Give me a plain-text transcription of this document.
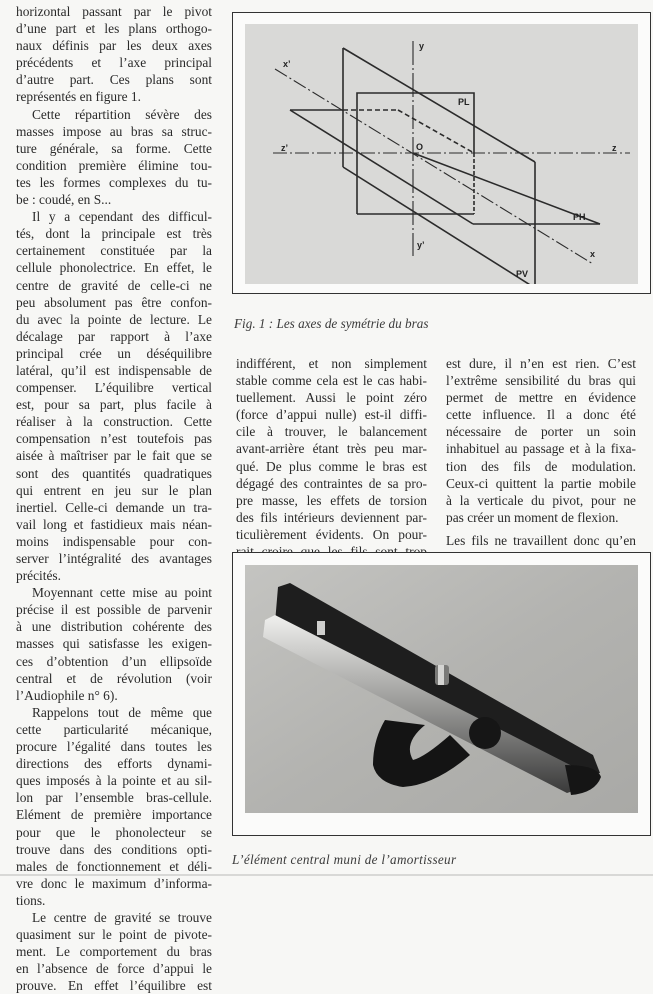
horizontal passant par le pivot
d’une part et les plans orthogo-
naux définis par les deux axes
précédents et l’axe principal
d’autre part. Ces plans sont
représentés en figure 1.
Cette répartition sévère des
masses impose au bras sa struc-
ture générale, sa forme. Cette
condition première élimine tou-
tes les formes complexes du tu-
be : coudé, en S...
Il y a cependant des difficul-
tés, dont la principale est très
certainement constituée par la
cellule phonolectrice. En effet, le
centre de gravité de celle-ci ne
peu absolument pas être confon-
du avec la pointe de lecture. Le
décalage par rapport à l’axe
principal crée un déséquilibre
latéral, qu’il est indispensable de
compenser. L’équilibre vertical
est, pour sa part, plus facile à
réaliser à la construction. Cette
compensation n’est toutefois pas
aisée à maîtriser par le fait que se
sont des quantités quadratiques
qui entrent en jeu sur le plan
inertiel. Celle-ci demande un tra-
vail long et fastidieux mais néan-
moins indispensable pour con-
server l’intégralité des avantages
précités.
Moyennant cette mise au point
précise il est possible de parvenir
à une distribution cohérente des
masses qui satisfasse les exigen-
ces d’obtention d’un ellipsoïde
central et de révolution (voir
l’Audiophile n° 6).
Rappelons tout de même que
cette particularité mécanique,
procure l’égalité dans toutes les
directions des efforts dynami-
ques imposés à la pointe et au sil-
lon par l’ensemble bras-cellule.
Elément de première importance
pour que le phonolecteur se
trouve dans des conditions opti-
males de fonctionnement et déli-
vre donc le maximum d’informa-
tions.
Le centre de gravité se trouve
quasiment sur le point de pivote-
ment. Le comportement du bras
en l’absence de force d’appui le
prouve. En effet l’équilibre est
indifférent, et non simplement
stable comme cela est le cas habi-
tuellement. Aussi le point zéro
(force d’appui nulle) est-il diffi-
cile à trouver, le balancement
avant-arrière étant très peu mar-
qué. De plus comme le bras est
dégagé des contraintes de sa pro-
pre masse, les effets de torsion
des fils intérieurs deviennent par-
ticulièrement évidents. On pour-
est dure, il n’en est rien. C’est
l’extrême sensibilité du bras qui
permet de mettre en évidence
cette influence. Il a donc été
nécessaire de porter un soin
inhabituel au passage et à la fixa-
tion des fils de modulation.
Ceux-ci quittent la partie mobile
à la verticale du pivot, pour ne
pas créer un moment de flexion.
Les fils ne travaillent donc qu’en
y
y’
x’
x
z’	z
O
PL
PH
PV
Fig. 1 : Les axes de symétrie du bras
L’élément central muni de l’amortisseur
